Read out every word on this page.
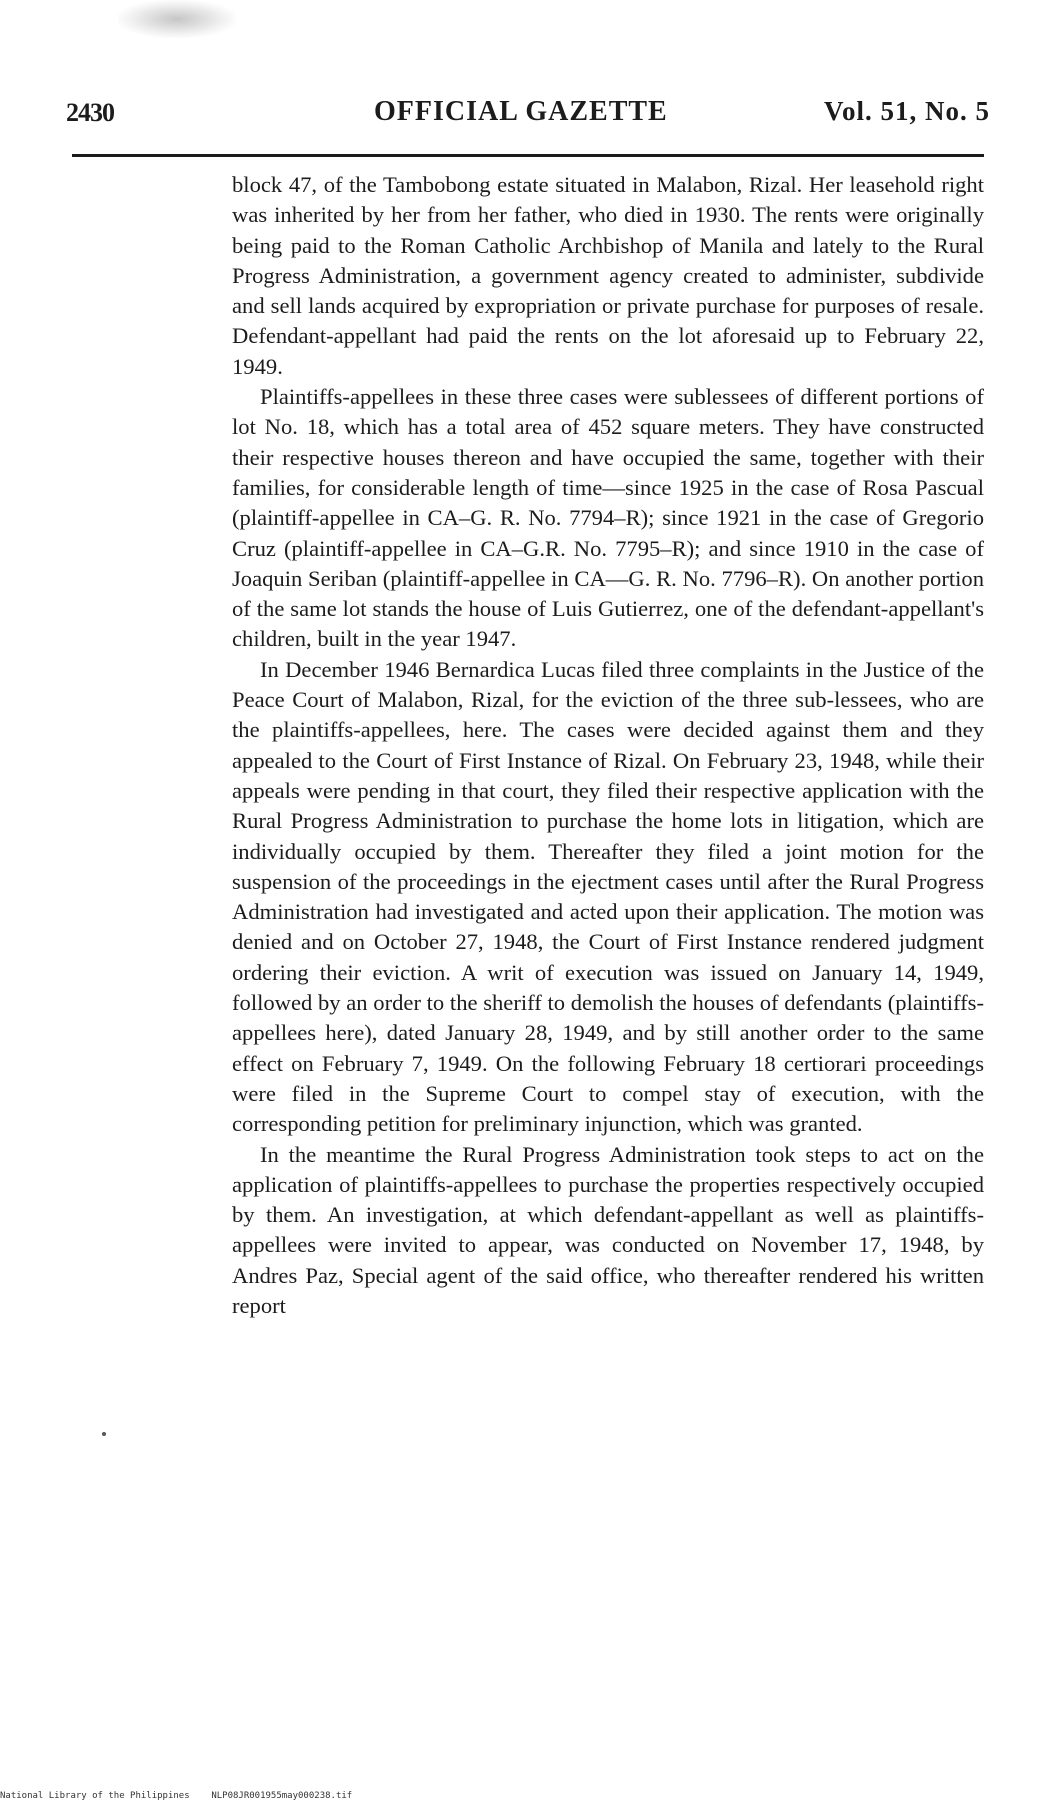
2430	OFFICIAL GAZETTE	Vol. 51, No. 5

block 47, of the Tambobong estate situated in Malabon, Rizal. Her leasehold right was inherited by her from her father, who died in 1930. The rents were originally being paid to the Roman Catholic Archbishop of Manila and lately to the Rural Progress Administration, a government agency created to administer, subdivide and sell lands acquired by expropriation or private purchase for purposes of resale. Defendant-appellant had paid the rents on the lot aforesaid up to February 22, 1949.

Plaintiffs-appellees in these three cases were sublessees of different portions of lot No. 18, which has a total area of 452 square meters. They have constructed their respective houses thereon and have occupied the same, together with their families, for considerable length of time—since 1925 in the case of Rosa Pascual (plaintiff-appellee in CA–G. R. No. 7794–R); since 1921 in the case of Gregorio Cruz (plaintiff-appellee in CA–G.R. No. 7795–R); and since 1910 in the case of Joaquin Seriban (plaintiff-appellee in CA—G. R. No. 7796–R). On another portion of the same lot stands the house of Luis Gutierrez, one of the defendant-appellant's children, built in the year 1947.

In December 1946 Bernardica Lucas filed three complaints in the Justice of the Peace Court of Malabon, Rizal, for the eviction of the three sub-lessees, who are the plaintiffs-appellees, here. The cases were decided against them and they appealed to the Court of First Instance of Rizal. On February 23, 1948, while their appeals were pending in that court, they filed their respective application with the Rural Progress Administration to purchase the home lots in litigation, which are individually occupied by them. Thereafter they filed a joint motion for the suspension of the proceedings in the ejectment cases until after the Rural Progress Administration had investigated and acted upon their application. The motion was denied and on October 27, 1948, the Court of First Instance rendered judgment ordering their eviction. A writ of execution was issued on January 14, 1949, followed by an order to the sheriff to demolish the houses of defendants (plaintiffs-appellees here), dated January 28, 1949, and by still another order to the same effect on February 7, 1949. On the following February 18 certiorari proceedings were filed in the Supreme Court to compel stay of execution, with the corresponding petition for preliminary injunction, which was granted.

In the meantime the Rural Progress Administration took steps to act on the application of plaintiffs-appellees to purchase the properties respectively occupied by them. An investigation, at which defendant-appellant as well as plaintiffs-appellees were invited to appear, was conducted on November 17, 1948, by Andres Paz, Special agent of the said office, who thereafter rendered his written report

National Library of the Philippines    NLP08JR001955may000238.tif
